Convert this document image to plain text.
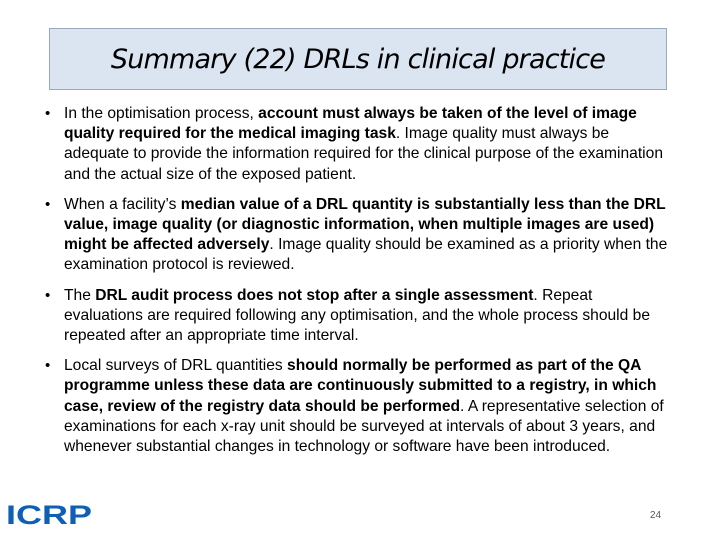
Summary (22) DRLs in clinical practice
• In the optimisation process, account must always be taken of the level of image quality required for the medical imaging task. Image quality must always be adequate to provide the information required for the clinical purpose of the examination and the actual size of the exposed patient.
• When a facility’s median value of a DRL quantity is substantially less than the DRL value, image quality (or diagnostic information, when multiple images are used) might be affected adversely. Image quality should be examined as a priority when the examination protocol is reviewed.
• The DRL audit process does not stop after a single assessment. Repeat evaluations are required following any optimisation, and the whole process should be repeated after an appropriate time interval.
• Local surveys of DRL quantities should normally be performed as part of the QA programme unless these data are continuously submitted to a registry, in which case, review of the registry data should be performed. A representative selection of examinations for each x-ray unit should be surveyed at intervals of about 3 years, and whenever substantial changes in technology or software have been introduced.
ICRP	24
